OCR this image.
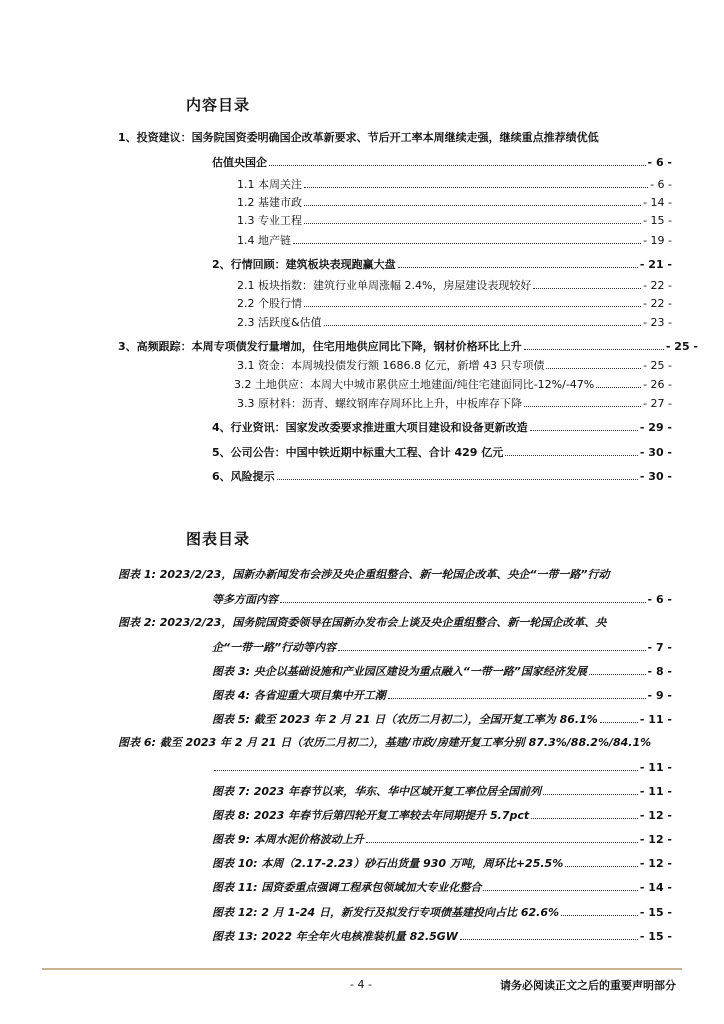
内容目录
1、投资建议：国务院国资委明确国企改革新要求、节后开工率本周继续走强，继续重点推荐绩优低
估值央国企	- 6 -
1.1 本周关注	- 6 -
1.2 基建市政	- 14 -
1.3 专业工程	- 15 -
1.4 地产链	- 19 -
2、行情回顾：建筑板块表现跑赢大盘	- 21 -
2.1 板块指数：建筑行业单周涨幅 2.4%，房屋建设表现较好	- 22 -
2.2 个股行情	- 22 -
2.3 活跃度&估值	- 23 -
3、高频跟踪：本周专项债发行量增加，住宅用地供应同比下降，钢材价格环比上升	- 25 -
3.1 资金：本周城投债发行额 1686.8 亿元，新增 43 只专项债	- 25 -
3.2 土地供应：本周大中城市累供应土地建面/纯住宅建面同比-12%/-47%	- 26 -
3.3 原材料：沥青、螺纹钢库存周环比上升，中板库存下降	- 27 -
4、行业资讯：国家发改委要求推进重大项目建设和设备更新改造	- 29 -
5、公司公告：中国中铁近期中标重大工程、合计 429 亿元	- 30 -
6、风险提示	- 30 -
图表目录
图表 1: 2023/2/23，国新办新闻发布会涉及央企重组整合、新一轮国企改革、央企“一带一路”行动
等多方面内容	- 6 -
图表 2: 2023/2/23，国务院国资委领导在国新办发布会上谈及央企重组整合、新一轮国企改革、央
企“一带一路”行动等内容	- 7 -
图表 3: 央企以基础设施和产业园区建设为重点融入“一带一路”国家经济发展	- 8 -
图表 4: 各省迎重大项目集中开工潮	- 9 -
图表 5: 截至 2023 年 2 月 21 日（农历二月初二），全国开复工率为 86.1%	- 11 -
图表 6: 截至 2023 年 2 月 21 日（农历二月初二），基建/市政/房建开复工率分别 87.3%/88.2%/84.1%
- 11 -
图表 7: 2023 年春节以来，华东、华中区域开复工率位居全国前列	- 11 -
图表 8: 2023 年春节后第四轮开复工率较去年同期提升 5.7pct	- 12 -
图表 9: 本周水泥价格波动上升	- 12 -
图表 10: 本周（2.17-2.23）砂石出货量 930 万吨，周环比+25.5%	- 12 -
图表 11: 国资委重点强调工程承包领域加大专业化整合	- 14 -
图表 12: 2 月 1-24 日，新发行及拟发行专项债基建投向占比 62.6%	- 15 -
图表 13: 2022 年全年火电核准装机量 82.5GW	- 15 -
- 4 -	请务必阅读正文之后的重要声明部分
